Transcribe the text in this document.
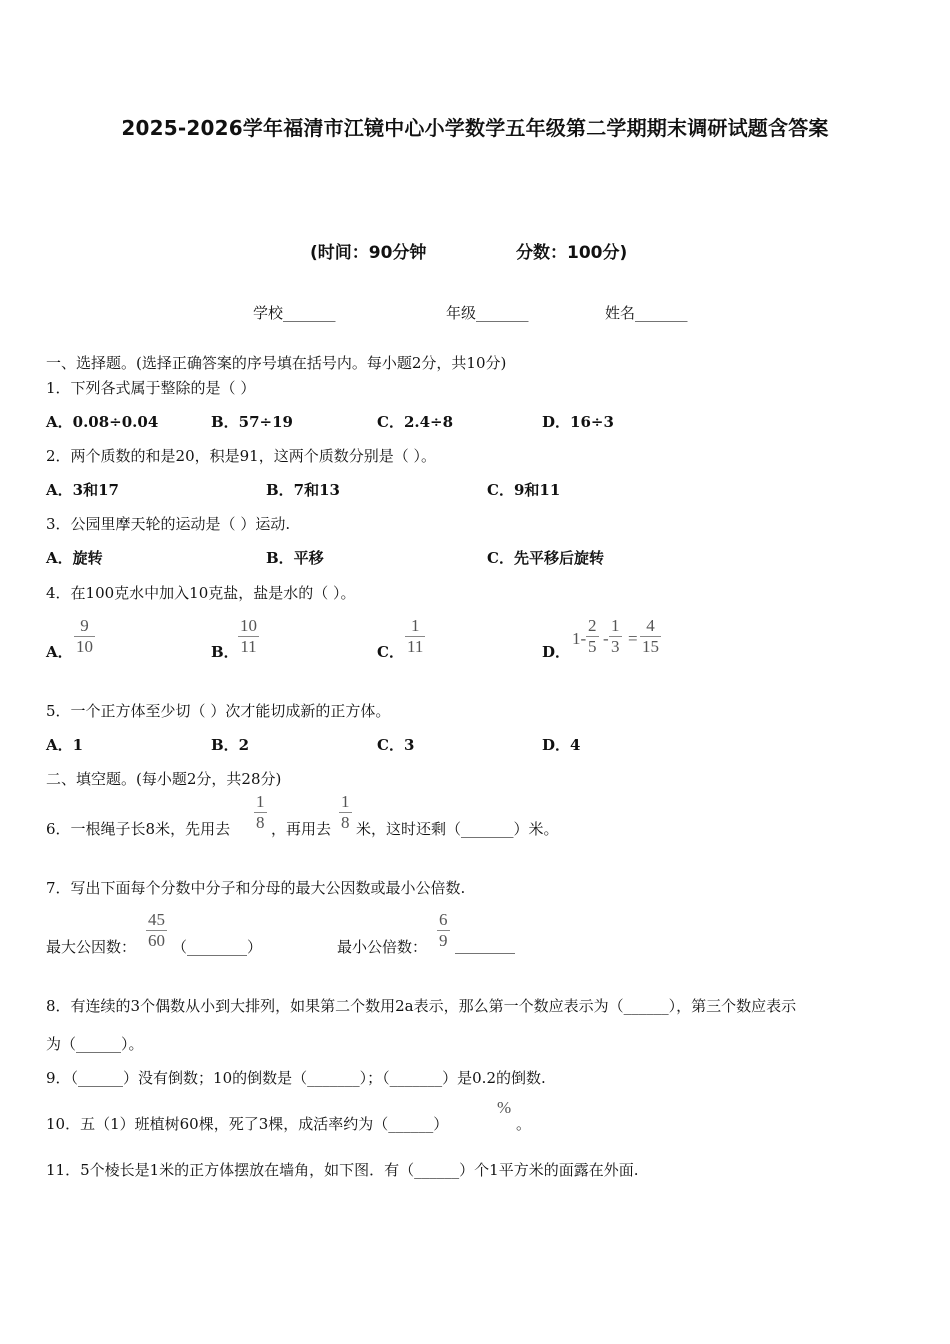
2025-2026学年福清市江镜中心小学数学五年级第二学期期末调研试题含答案
(时间：90分钟	分数：100分)
学校_______	年级_______	姓名_______
一、选择题。(选择正确答案的序号填在括号内。每小题2分，共10分)
1．下列各式属于整除的是（ ）
A．0.08÷0.04	B．57÷19	C．2.4÷8	D．16÷3
2．两个质数的和是20，积是91，这两个质数分别是（ ）。
A．3和17	B．7和13	C．9和11
3．公园里摩天轮的运动是（ ）运动.
A．旋转	B．平移	C．先平移后旋转
4．在100克水中加入10克盐，盐是水的（ ）。
A．
9
10	B．
10
11	C．
1
11	D．
1-
2
5 -
1
3 =
4
15
5．一个正方体至少切（ ）次才能切成新的正方体。
A．1	B．2	C．3	D．4
二、填空题。(每小题2分，共28分)
6．一根绳子长8米，先用去
1
8 ，再用去
1
8 米，这时还剩（_______）米。
7．写出下面每个分数中分子和分母的最大公因数或最小公倍数.
最大公因数：
45
60 （________）	最小公倍数：
6
9 ________
8．有连续的3个偶数从小到大排列，如果第二个数用2a表示，那么第一个数应表示为（______），第三个数应表示
为（______）。
9．（______）没有倒数；10的倒数是（_______）；（_______）是0.2的倒数.
10．五（1）班植树60棵，死了3棵，成活率约为（______）
%
。
11．5个棱长是1米的正方体摆放在墙角，如下图．有（______）个1平方米的面露在外面.
